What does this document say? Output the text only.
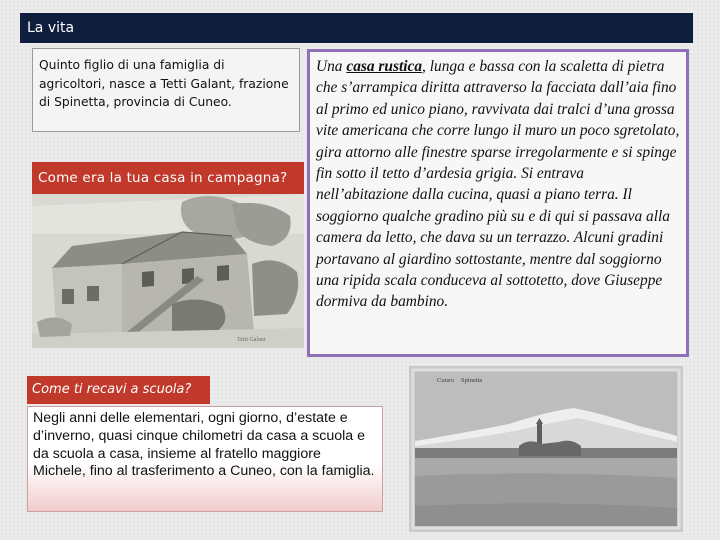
La vita
Quinto figlio di una famiglia di agricoltori, nasce a Tetti Galant, frazione di Spinetta, provincia di Cuneo.
Come era la tua casa in campagna?
Tetti Galant
Una casa rustica, lunga e bassa con la scaletta di pietra che s’arrampica diritta attraverso la facciata dall’aia fino al primo ed unico piano, ravvivata dai tralci d’una grossa vite americana che corre lungo il muro un poco sgretolato, gira attorno alle finestre sparse irregolarmente e si spinge fin sotto il tetto d’ardesia grigia. Si entrava nell’abitazione dalla cucina, quasi a piano terra. Il soggiorno qualche gradino più su e di qui si passava alla camera da letto, che dava su un terrazzo. Alcuni gradini portavano al giardino sottostante, mentre dal soggiorno una ripida scala conduceva al sottotetto, dove Giuseppe dormiva da bambino.
Come ti recavi a scuola?
Negli anni delle elementari, ogni giorno, d’estate e d’inverno, quasi cinque chilometri da casa a scuola e da scuola a casa, insieme al fratello maggiore Michele, fino al trasferimento a Cuneo, con la famiglia.
Cuneo Spinetta
